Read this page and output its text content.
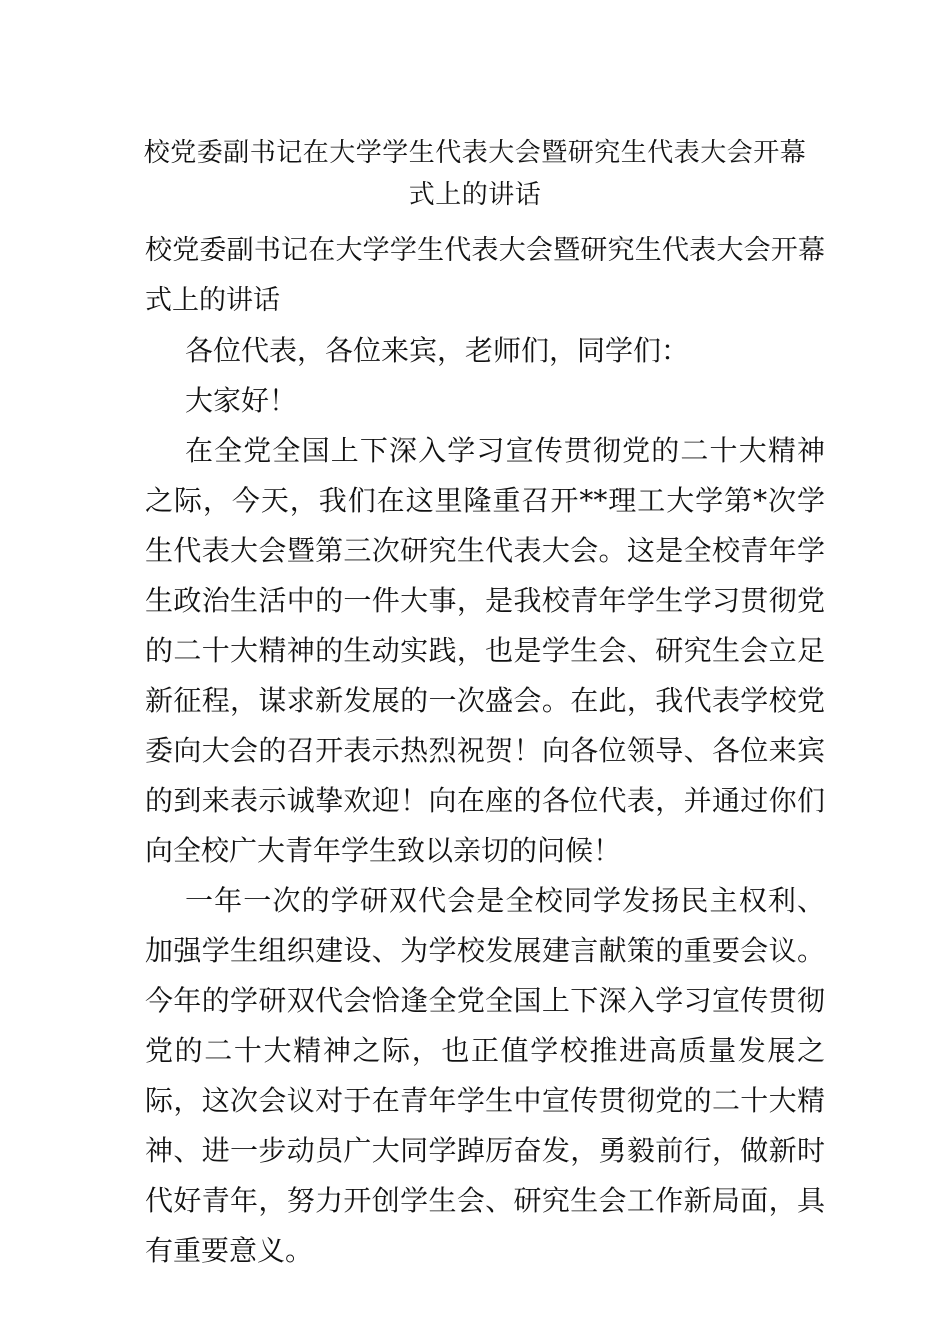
校党委副书记在大学学生代表大会暨研究生代表大会开幕
式上的讲话

校党委副书记在大学学生代表大会暨研究生代表大会开幕式上的讲话

各位代表，各位来宾，老师们，同学们：

大家好！

在全党全国上下深入学习宣传贯彻党的二十大精神之际，今天，我们在这里隆重召开**理工大学第*次学生代表大会暨第三次研究生代表大会。这是全校青年学生政治生活中的一件大事，是我校青年学生学习贯彻党的二十大精神的生动实践，也是学生会、研究生会立足新征程，谋求新发展的一次盛会。在此，我代表学校党委向大会的召开表示热烈祝贺！向各位领导、各位来宾的到来表示诚挚欢迎！向在座的各位代表，并通过你们向全校广大青年学生致以亲切的问候！

一年一次的学研双代会是全校同学发扬民主权利、加强学生组织建设、为学校发展建言献策的重要会议。今年的学研双代会恰逢全党全国上下深入学习宣传贯彻党的二十大精神之际，也正值学校推进高质量发展之际，这次会议对于在青年学生中宣传贯彻党的二十大精神、进一步动员广大同学踔厉奋发，勇毅前行，做新时代好青年，努力开创学生会、研究生会工作新局面，具有重要意义。
